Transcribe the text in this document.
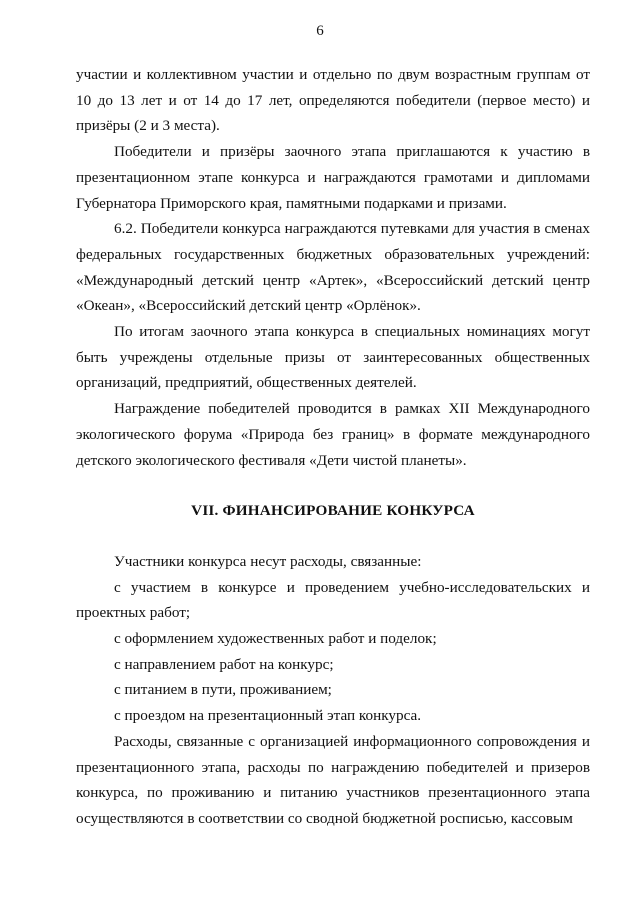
6

участии и коллективном участии и отдельно по двум возрастным группам от 10 до 13 лет и от 14 до 17 лет, определяются победители (первое место) и призёры (2 и 3 места).

Победители и призёры заочного этапа приглашаются к участию в презентационном этапе конкурса и награждаются грамотами и дипломами Губернатора Приморского края, памятными подарками и призами.

6.2. Победители конкурса награждаются путевками для участия в сменах федеральных государственных бюджетных образовательных учреждений: «Международный детский центр «Артек», «Всероссийский детский центр «Океан», «Всероссийский детский центр «Орлёнок».

По итогам заочного этапа конкурса в специальных номинациях могут быть учреждены отдельные призы от заинтересованных общественных организаций, предприятий, общественных деятелей.

Награждение победителей проводится в рамках XII Международного экологического форума «Природа без границ» в формате международного детского экологического фестиваля «Дети чистой планеты».

VII. ФИНАНСИРОВАНИЕ КОНКУРСА

Участники конкурса несут расходы, связанные:

с участием в конкурсе и проведением учебно-исследовательских и проектных работ;

с оформлением художественных работ и поделок;

с направлением работ на конкурс;

с питанием в пути, проживанием;

с проездом на презентационный этап конкурса.

Расходы, связанные с организацией информационного сопровождения и презентационного этапа, расходы по награждению победителей и призеров конкурса, по проживанию и питанию участников презентационного этапа осуществляются в соответствии со сводной бюджетной росписью, кассовым
